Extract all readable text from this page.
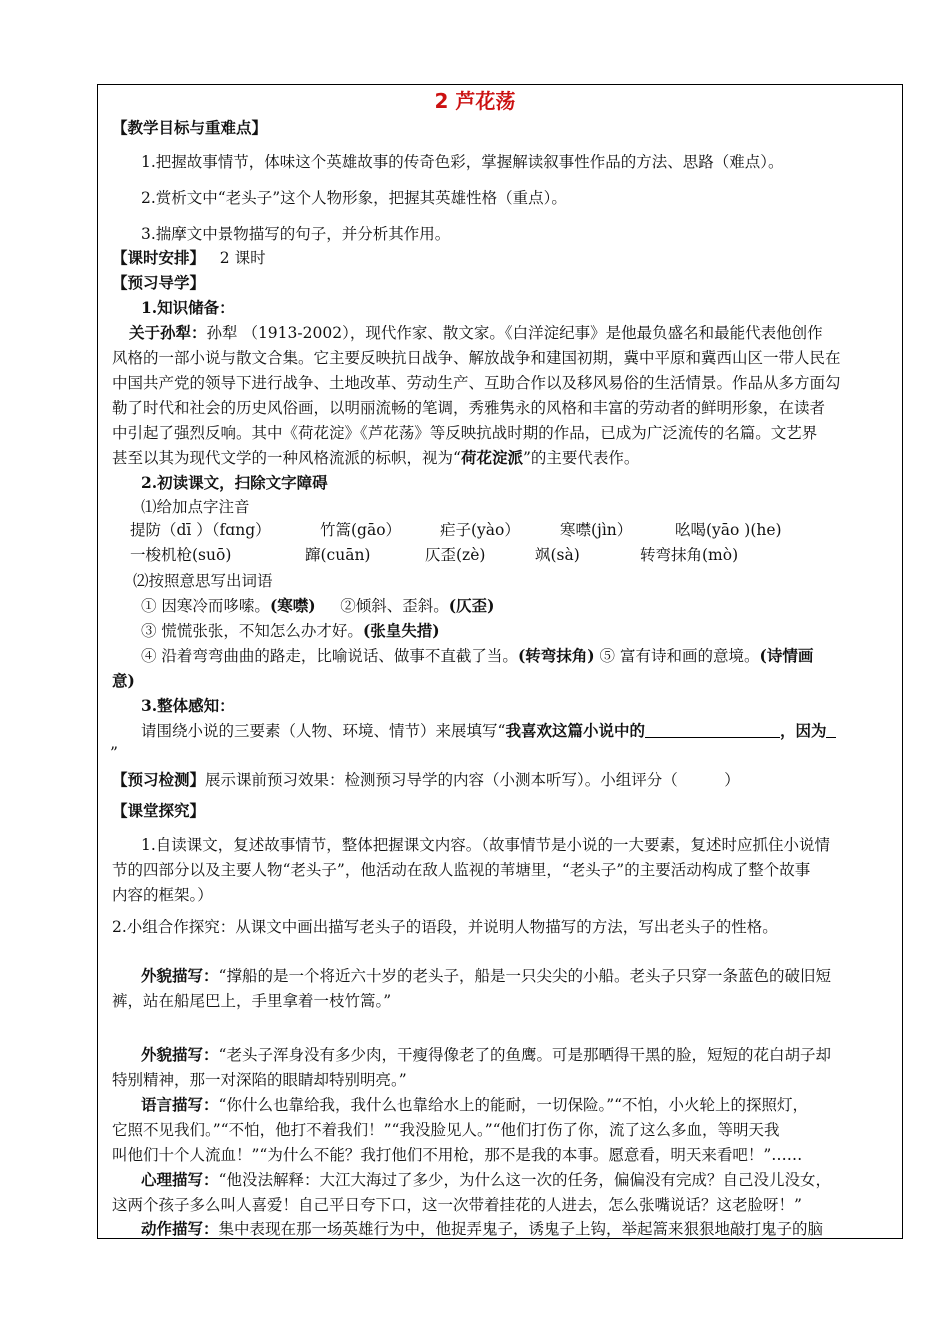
2 芦花荡
【教学目标与重难点】
1.把握故事情节，体味这个英雄故事的传奇色彩，掌握解读叙事性作品的方法、思路（难点）。
2.赏析文中“老头子”这个人物形象，把握其英雄性格（重点）。
3.揣摩文中景物描写的句子，并分析其作用。
【课时安排】 2 课时
【预习导学】
1.知识储备：
关于孙犁：孙犁 （1913-2002），现代作家、散文家。《白洋淀纪事》是他最负盛名和最能代表他创作
风格的一部小说与散文合集。它主要反映抗日战争、解放战争和建国初期，冀中平原和冀西山区一带人民在
中国共产党的领导下进行战争、土地改革、劳动生产、互助合作以及移风易俗的生活情景。作品从多方面勾
勒了时代和社会的历史风俗画，以明丽流畅的笔调，秀雅隽永的风格和丰富的劳动者的鲜明形象，在读者
中引起了强烈反响。其中《荷花淀》《芦花荡》等反映抗战时期的作品，已成为广泛流传的名篇。文艺界
甚至以其为现代文学的一种风格流派的标帜，视为“荷花淀派”的主要代表作。
2.初读课文，扫除文字障碍
⑴给加点字注音
提防（dī ）（fɑng）	竹篙(gāo）	疟子(yào）	寒噤(jìn）	吆喝(yāo )(he)
一梭机枪(suō)	蹿(cuān)	仄歪(zè)	飒(sà)	转弯抹角(mò)
⑵按照意思写出词语
① 因寒冷而哆嗦。(寒噤) ②倾斜、歪斜。(仄歪)
③ 慌慌张张，不知怎么办才好。(张皇失措)
④ 沿着弯弯曲曲的路走，比喻说话、做事不直截了当。(转弯抹角) ⑤ 富有诗和画的意境。(诗情画
意)
3.整体感知：
请围绕小说的三要素（人物、环境、情节）来展填写“我喜欢这篇小说中的	，因为
”
【预习检测】展示课前预习效果：检测预习导学的内容（小测本听写）。小组评分（　　　）
【课堂探究】
1.自读课文，复述故事情节，整体把握课文内容。（故事情节是小说的一大要素，复述时应抓住小说情
节的四部分以及主要人物“老头子”，他活动在敌人监视的苇塘里，“老头子”的主要活动构成了整个故事
内容的框架。）
2.小组合作探究：从课文中画出描写老头子的语段，并说明人物描写的方法，写出老头子的性格。
外貌描写：“撑船的是一个将近六十岁的老头子，船是一只尖尖的小船。老头子只穿一条蓝色的破旧短
裤，站在船尾巴上，手里拿着一枝竹篙。”
外貌描写：“老头子浑身没有多少肉，干瘦得像老了的鱼鹰。可是那晒得干黑的脸，短短的花白胡子却
特别精神，那一对深陷的眼睛却特别明亮。”
语言描写：“你什么也靠给我，我什么也靠给水上的能耐，一切保险。”“不怕，小火轮上的探照灯，
它照不见我们。”“不怕，他打不着我们！”“我没脸见人。”“他们打伤了你，流了这么多血，等明天我
叫他们十个人流血！”“为什么不能？我打他们不用枪，那不是我的本事。愿意看，明天来看吧！”……
心理描写：“他没法解释：大江大海过了多少，为什么这一次的任务，偏偏没有完成？自己没儿没女，
这两个孩子多么叫人喜爱！自己平日夸下口，这一次带着挂花的人进去，怎么张嘴说话？这老脸呀！”
动作描写：集中表现在那一场英雄行为中，他捉弄鬼子，诱鬼子上钩，举起篙来狠狠地敲打鬼子的脑
